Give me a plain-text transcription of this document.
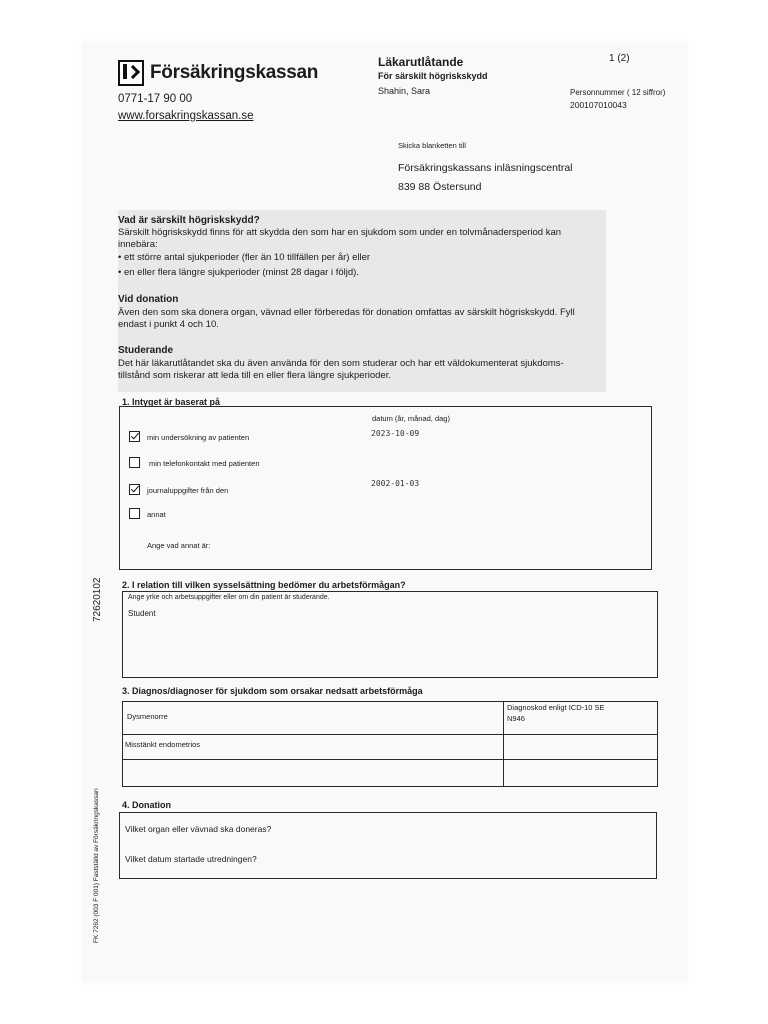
Försäkringskassan
0771-17 90 00
www.forsakringskassan.se
Läkarutlåtande
För särskilt högriskskydd
Shahin, Sara
1 (2)
Personnummer ( 12 siffror)
200107010043
Skicka blanketten till
Försäkringskassans inläsningscentral
839 88 Östersund
Vad är särskilt högriskskydd?
Särskilt högriskskydd finns för att skydda den som har en sjukdom som under en tolvmånadersperiod kan
innebära:
• ett större antal sjukperioder (fler än 10 tillfällen per år) eller
• en eller flera längre sjukperioder (minst 28 dagar i följd).
Vid donation
Även den som ska donera organ, vävnad eller förberedas för donation omfattas av särskilt högriskskydd. Fyll
endast i punkt 4 och 10.
Studerande
Det här läkarutlåtandet ska du även använda för den som studerar och har ett väldokumenterat sjukdoms-
tillstånd som riskerar att leda till en eller flera längre sjukperioder.
1. Intyget är baserat på
datum (år, månad, dag)
min undersökning av patienten	2023-10-09
min telefonkontakt med patienten
journaluppgifter från den
2002-01-03
annat
Ange vad annat är:
2. I relation till vilken sysselsättning bedömer du arbetsförmågan?
Ange yrke och arbetsuppgifter eller om din patient är studerande.
Student
3. Diagnos/diagnoser för sjukdom som orsakar nedsatt arbetsförmåga
Dysmenorre
Misstänkt endometrios
Diagnoskod enligt ICD-10 SE
N946
4. Donation
Vilket organ eller vävnad ska doneras?
Vilket datum startade utredningen?
72620102
FK 7262 (003 F 001) Fastställd av Försäkringskassan
